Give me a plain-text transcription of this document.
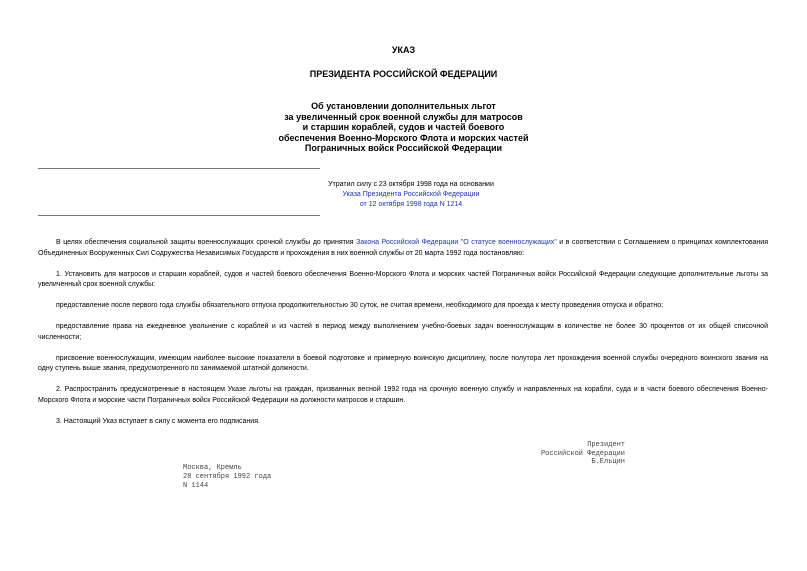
УКАЗ
ПРЕЗИДЕНТА РОССИЙСКОЙ ФЕДЕРАЦИИ
Об установлении дополнительных льгот
за увеличенный срок военной службы для матросов
и старшин кораблей, судов и частей боевого
обеспечения Военно-Морского Флота и морских частей
Пограничных войск Российской Федерации
Утратил силу с 23 октября 1998 года на основании
Указа Президента Российской Федерации
от 12 октября 1998 года N 1214

В целях обеспечения социальной защиты военнослужащих срочной службы до принятия Закона Российской Федерации "О статусе военнослужащих" и в соответствии с Соглашением о принципах комплектования Объединенных Вооруженных Сил Содружества Независимых Государств и прохождения в них военной службы от 20 марта 1992 года постановляю:

1. Установить для матросов и старшин кораблей, судов и частей боевого обеспечения Военно-Морского Флота и морских частей Пограничных войск Российской Федерации следующие дополнительные льготы за увеличенный срок военной службы:

предоставление после первого года службы обязательного отпуска продолжительностью 30 суток, не считая времени, необходимого для проезда к месту проведения отпуска и обратно;

предоставление права на ежедневное увольнение с кораблей и из частей в период между выполнением учебно-боевых задач военнослужащим в количестве не более 30 процентов от их общей списочной численности;

присвоение военнослужащим, имеющим наиболее высокие показатели в боевой подготовке и примерную воинскую дисциплину, после полутора лет прохождения военной службы очередного воинского звания на одну ступень выше звания, предусмотренного по занимаемой штатной должности.

2. Распространить предусмотренные в настоящем Указе льготы на граждан, призванных весной 1992 года на срочную военную службу и направленных на корабли, суда и в части боевого обеспечения Военно-Морского Флота и морские части Пограничных войск Российской Федерации на должности матросов и старшин.

3. Настоящий Указ вступает в силу с момента его подписания.

Президент
Российской Федерации
Б.Ельцин
Москва, Кремль
28 сентября 1992 года
N 1144
